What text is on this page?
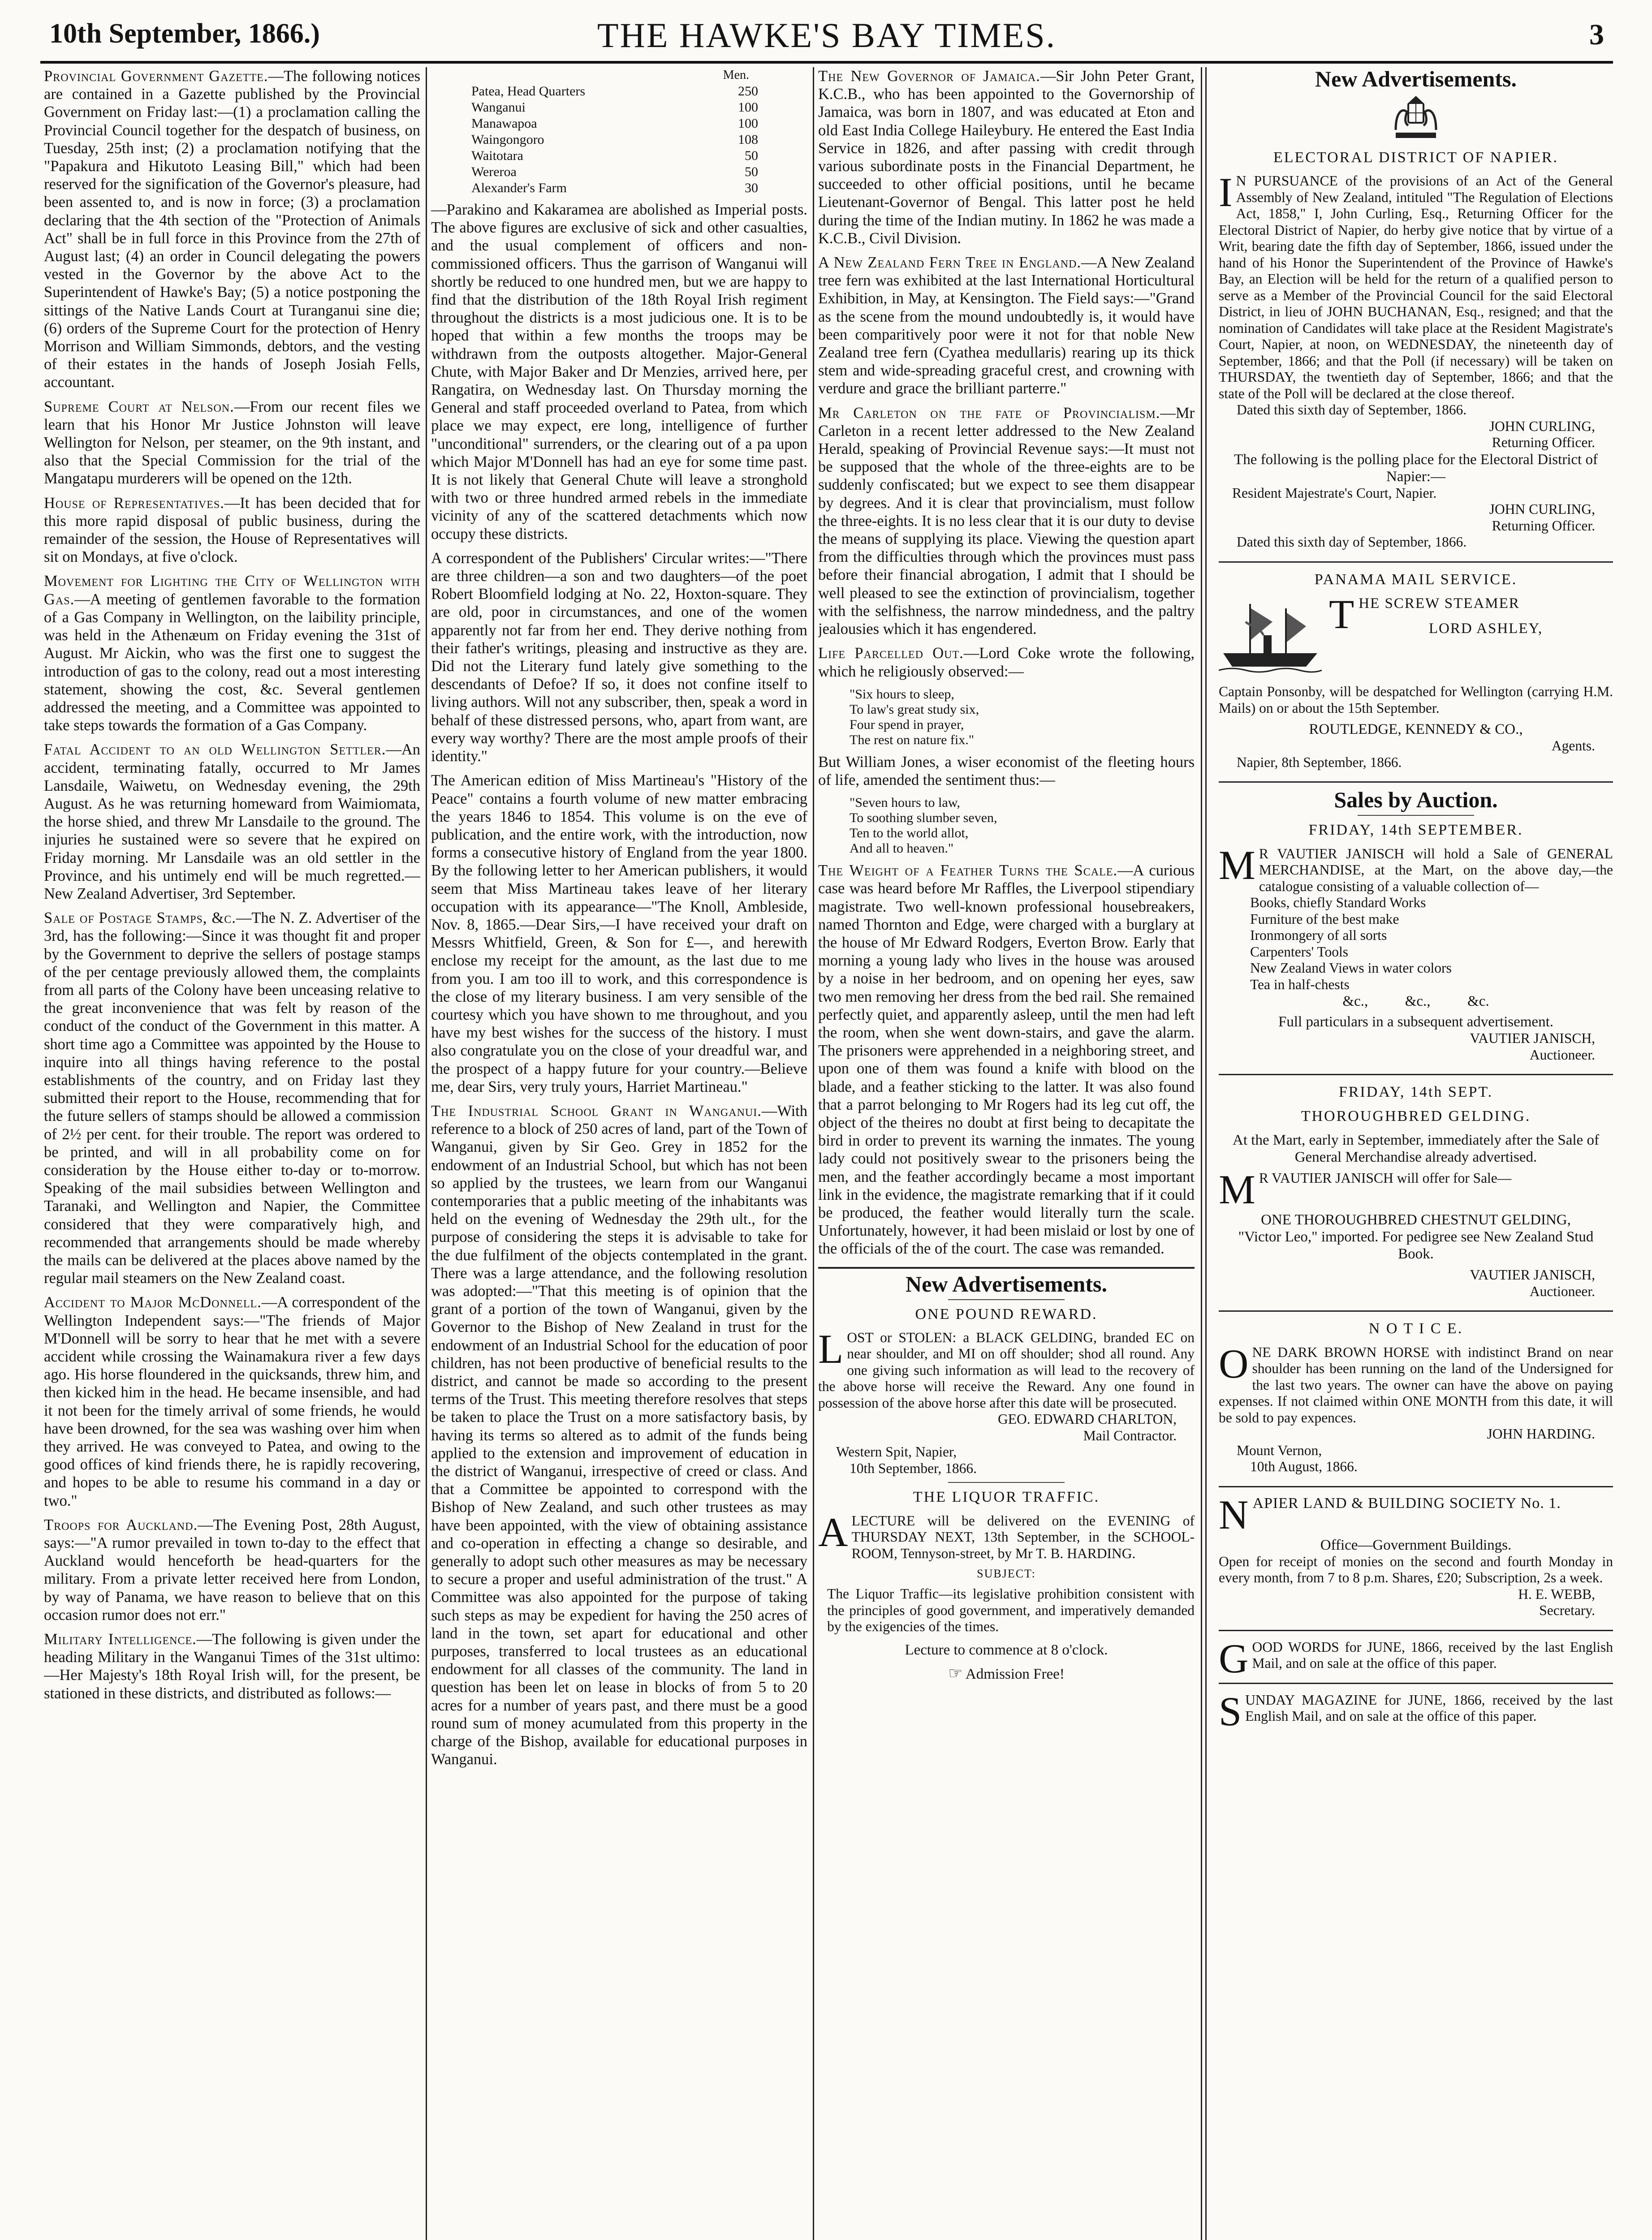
10th September, 1866.)	THE HAWKE'S BAY TIMES.	3

Provincial Government Gazette.—The following notices are contained in a Gazette published by the Provincial Government on Friday last:—(1) a proclamation calling the Provincial Council together for the despatch of business, on Tuesday, 25th inst; (2) a proclamation notifying that the "Papakura and Hikutoto Leasing Bill," which had been reserved for the signification of the Governor's pleasure, had been assented to, and is now in force; (3) a proclamation declaring that the 4th section of the "Protection of Animals Act" shall be in full force in this Province from the 27th of August last; (4) an order in Council delegating the powers vested in the Governor by the above Act to the Superintendent of Hawke's Bay; (5) a notice postponing the sittings of the Native Lands Court at Turanganui sine die; (6) orders of the Supreme Court for the protection of Henry Morrison and William Simmonds, debtors, and the vesting of their estates in the hands of Joseph Josiah Fells, accountant.

Supreme Court at Nelson.—From our recent files we learn that his Honor Mr Justice Johnston will leave Wellington for Nelson, per steamer, on the 9th instant, and also that the Special Commission for the trial of the Mangatapu murderers will be opened on the 12th.

House of Representatives.—It has been decided that for this more rapid disposal of public business, during the remainder of the session, the House of Representatives will sit on Mondays, at five o'clock.

Movement for Lighting the City of Wellington with Gas.—A meeting of gentlemen favorable to the formation of a Gas Company in Wellington, on the laibility principle, was held in the Athenæum on Friday evening the 31st of August. Mr Aickin, who was the first one to suggest the introduction of gas to the colony, read out a most interesting statement, showing the cost, &c. Several gentlemen addressed the meeting, and a Committee was appointed to take steps towards the formation of a Gas Company.

Fatal Accident to an old Wellington Settler.—An accident, terminating fatally, occurred to Mr James Lansdaile, Waiwetu, on Wednesday evening, the 29th August. As he was returning homeward from Waimiomata, the horse shied, and threw Mr Lansdaile to the ground. The injuries he sustained were so severe that he expired on Friday morning. Mr Lansdaile was an old settler in the Province, and his untimely end will be much regretted.—New Zealand Advertiser, 3rd September.

Sale of Postage Stamps, &c.—The N. Z. Advertiser of the 3rd, has the following:—Since it was thought fit and proper by the Government to deprive the sellers of postage stamps of the per centage previously allowed them, the complaints from all parts of the Colony have been unceasing relative to the great inconvenience that was felt by reason of the conduct of the conduct of the Government in this matter. A short time ago a Committee was appointed by the House to inquire into all things having reference to the postal establishments of the country, and on Friday last they submitted their report to the House, recommending that for the future sellers of stamps should be allowed a commission of 2½ per cent. for their trouble. The report was ordered to be printed, and will in all probability come on for consideration by the House either to-day or to-morrow. Speaking of the mail subsidies between Wellington and Taranaki, and Wellington and Napier, the Committee considered that they were comparatively high, and recommended that arrangements should be made whereby the mails can be delivered at the places above named by the regular mail steamers on the New Zealand coast.

Accident to Major McDonnell.—A correspondent of the Wellington Independent says:—"The friends of Major M'Donnell will be sorry to hear that he met with a severe accident while crossing the Wainamakura river a few days ago. His horse floundered in the quicksands, threw him, and then kicked him in the head. He became insensible, and had it not been for the timely arrival of some friends, he would have been drowned, for the sea was washing over him when they arrived. He was conveyed to Patea, and owing to the good offices of kind friends there, he is rapidly recovering, and hopes to be able to resume his command in a day or two."

Troops for Auckland.—The Evening Post, 28th August, says:—"A rumor prevailed in town to-day to the effect that Auckland would henceforth be head-quarters for the military. From a private letter received here from London, by way of Panama, we have reason to believe that on this occasion rumor does not err."

Military Intelligence.—The following is given under the heading Military in the Wanganui Times of the 31st ultimo:—Her Majesty's 18th Royal Irish will, for the present, be stationed in these districts, and distributed as follows:—

Men.
Patea, Head Quarters	250
Wanganui	100
Manawapoa	100
Waingongoro	108
Waitotara	50
Wereroa	50
Alexander's Farm	30

—Parakino and Kakaramea are abolished as Imperial posts. The above figures are exclusive of sick and other casualties, and the usual complement of officers and non-commissioned officers. Thus the garrison of Wanganui will shortly be reduced to one hundred men, but we are happy to find that the distribution of the 18th Royal Irish regiment throughout the districts is a most judicious one. It is to be hoped that within a few months the troops may be withdrawn from the outposts altogether. Major-General Chute, with Major Baker and Dr Menzies, arrived here, per Rangatira, on Wednesday last. On Thursday morning the General and staff proceeded overland to Patea, from which place we may expect, ere long, intelligence of further "unconditional" surrenders, or the clearing out of a pa upon which Major M'Donnell has had an eye for some time past. It is not likely that General Chute will leave a stronghold with two or three hundred armed rebels in the immediate vicinity of any of the scattered detachments which now occupy these districts.

A correspondent of the Publishers' Circular writes:—"There are three children—a son and two daughters—of the poet Robert Bloomfield lodging at No. 22, Hoxton-square. They are old, poor in circumstances, and one of the women apparently not far from her end. They derive nothing from their father's writings, pleasing and instructive as they are. Did not the Literary fund lately give something to the descendants of Defoe? If so, it does not confine itself to living authors. Will not any subscriber, then, speak a word in behalf of these distressed persons, who, apart from want, are every way worthy? There are the most ample proofs of their identity."

The American edition of Miss Martineau's "History of the Peace" contains a fourth volume of new matter embracing the years 1846 to 1854. This volume is on the eve of publication, and the entire work, with the introduction, now forms a consecutive history of England from the year 1800. By the following letter to her American publishers, it would seem that Miss Martineau takes leave of her literary occupation with its appearance—"The Knoll, Ambleside, Nov. 8, 1865.—Dear Sirs,—I have received your draft on Messrs Whitfield, Green, & Son for £—, and herewith enclose my receipt for the amount, as the last due to me from you. I am too ill to work, and this correspondence is the close of my literary business. I am very sensible of the courtesy which you have shown to me throughout, and you have my best wishes for the success of the history. I must also congratulate you on the close of your dreadful war, and the prospect of a happy future for your country.—Believe me, dear Sirs, very truly yours, Harriet Martineau."

The Industrial School Grant in Wanganui.—With reference to a block of 250 acres of land, part of the Town of Wanganui, given by Sir Geo. Grey in 1852 for the endowment of an Industrial School, but which has not been so applied by the trustees, we learn from our Wanganui contemporaries that a public meeting of the inhabitants was held on the evening of Wednesday the 29th ult., for the purpose of considering the steps it is advisable to take for the due fulfilment of the objects contemplated in the grant. There was a large attendance, and the following resolution was adopted:—"That this meeting is of opinion that the grant of a portion of the town of Wanganui, given by the Governor to the Bishop of New Zealand in trust for the endowment of an Industrial School for the education of poor children, has not been productive of beneficial results to the district, and cannot be made so according to the present terms of the Trust. This meeting therefore resolves that steps be taken to place the Trust on a more satisfactory basis, by having its terms so altered as to admit of the funds being applied to the extension and improvement of education in the district of Wanganui, irrespective of creed or class. And that a Committee be appointed to correspond with the Bishop of New Zealand, and such other trustees as may have been appointed, with the view of obtaining assistance and co-operation in effecting a change so desirable, and generally to adopt such other measures as may be necessary to secure a proper and useful administration of the trust." A Committee was also appointed for the purpose of taking such steps as may be expedient for having the 250 acres of land in the town, set apart for educational and other purposes, transferred to local trustees as an educational endowment for all classes of the community. The land in question has been let on lease in blocks of from 5 to 20 acres for a number of years past, and there must be a good round sum of money acumulated from this property in the charge of the Bishop, available for educational purposes in Wanganui.

The New Governor of Jamaica.—Sir John Peter Grant, K.C.B., who has been appointed to the Governorship of Jamaica, was born in 1807, and was educated at Eton and old East India College Haileybury. He entered the East India Service in 1826, and after passing with credit through various subordinate posts in the Financial Department, he succeeded to other official positions, until he became Lieutenant-Governor of Bengal. This latter post he held during the time of the Indian mutiny. In 1862 he was made a K.C.B., Civil Division.

A New Zealand Fern Tree in England.—A New Zealand tree fern was exhibited at the last International Horticultural Exhibition, in May, at Kensington. The Field says:—"Grand as the scene from the mound undoubtedly is, it would have been comparitively poor were it not for that noble New Zealand tree fern (Cyathea medullaris) rearing up its thick stem and wide-spreading graceful crest, and crowning with verdure and grace the brilliant parterre."

Mr Carleton on the fate of Provincialism.—Mr Carleton in a recent letter addressed to the New Zealand Herald, speaking of Provincial Revenue says:—It must not be supposed that the whole of the three-eights are to be suddenly confiscated; but we expect to see them disappear by degrees. And it is clear that provincialism, must follow the three-eights. It is no less clear that it is our duty to devise the means of supplying its place. Viewing the question apart from the difficulties through which the provinces must pass before their financial abrogation, I admit that I should be well pleased to see the extinction of provincialism, together with the selfishness, the narrow mindedness, and the paltry jealousies which it has engendered.

Life Parcelled Out.—Lord Coke wrote the following, which he religiously observed:—

"Six hours to sleep,
To law's great study six,
Four spend in prayer,
The rest on nature fix."

But William Jones, a wiser economist of the fleeting hours of life, amended the sentiment thus:—

"Seven hours to law,
To soothing slumber seven,
Ten to the world allot,
And all to heaven."

The Weight of a Feather Turns the Scale.—A curious case was heard before Mr Raffles, the Liverpool stipendiary magistrate. Two well-known professional housebreakers, named Thornton and Edge, were charged with a burglary at the house of Mr Edward Rodgers, Everton Brow. Early that morning a young lady who lives in the house was aroused by a noise in her bedroom, and on opening her eyes, saw two men removing her dress from the bed rail. She remained perfectly quiet, and apparently asleep, until the men had left the room, when she went down-stairs, and gave the alarm. The prisoners were apprehended in a neighboring street, and upon one of them was found a knife with blood on the blade, and a feather sticking to the latter. It was also found that a parrot belonging to Mr Rogers had its leg cut off, the object of the theires no doubt at first being to decapitate the bird in order to prevent its warning the inmates. The young lady could not positively swear to the prisoners being the men, and the feather accordingly became a most important link in the evidence, the magistrate remarking that if it could be produced, the feather would literally turn the scale. Unfortunately, however, it had been mislaid or lost by one of the officials of the of the court. The case was remanded.

New Advertisements.
ONE POUND REWARD.
L OST or STOLEN: a BLACK GELDING, branded EC on near shoulder, and MI on off shoulder; shod all round. Any one giving such information as will lead to the recovery of the above horse will receive the Reward. Any one found in possession of the above horse after this date will be prosecuted.
GEO. EDWARD CHARLTON,
Mail Contractor.
Western Spit, Napier,
10th September, 1866.
THE LIQUOR TRAFFIC.
A LECTURE will be delivered on the EVENING of THURSDAY NEXT, 13th September, in the SCHOOL-ROOM, Tennyson-street, by Mr T. B. HARDING.
SUBJECT:
The Liquor Traffic—its legislative prohibition consistent with the principles of good government, and imperatively demanded by the exigencies of the times.
Lecture to commence at 8 o'clock.
☞ Admission Free!
New Advertisements.
ELECTORAL DISTRICT OF NAPIER.
I N PURSUANCE of the provisions of an Act of the General Assembly of New Zealand, intituled "The Regulation of Elections Act, 1858," I, John Curling, Esq., Returning Officer for the Electoral District of Napier, do herby give notice that by virtue of a Writ, bearing date the fifth day of September, 1866, issued under the hand of his Honor the Superintendent of the Province of Hawke's Bay, an Election will be held for the return of a qualified person to serve as a Member of the Provincial Council for the said Electoral District, in lieu of JOHN BUCHANAN, Esq., resigned; and that the nomination of Candidates will take place at the Resident Magistrate's Court, Napier, at noon, on WEDNESDAY, the nineteenth day of September, 1866; and that the Poll (if necessary) will be taken on THURSDAY, the twentieth day of September, 1866; and that the state of the Poll will be declared at the close thereof.
Dated this sixth day of September, 1866.
JOHN CURLING,
Returning Officer.
The following is the polling place for the Electoral District of Napier:—
Resident Majestrate's Court, Napier.
JOHN CURLING,
Returning Officer.
Dated this sixth day of September, 1866.
PANAMA MAIL SERVICE.
THE SCREW STEAMER
LORD ASHLEY,
Captain Ponsonby, will be despatched for Wellington (carrying H.M. Mails) on or about the 15th September.
ROUTLEDGE, KENNEDY & CO.,
Agents.
Napier, 8th September, 1866.
Sales by Auction.
FRIDAY, 14th SEPTEMBER.
M R VAUTIER JANISCH will hold a Sale of GENERAL MERCHANDISE, at the Mart, on the above day,—the catalogue consisting of a valuable collection of—
Books, chiefly Standard Works
Furniture of the best make
Ironmongery of all sorts
Carpenters' Tools
New Zealand Views in water colors
Tea in half-chests
&c.,          &c.,          &c.
Full particulars in a subsequent advertisement.
VAUTIER JANISCH,
Auctioneer.
FRIDAY, 14th SEPT.
THOROUGHBRED GELDING.
At the Mart, early in September, immediately after the Sale of General Merchandise already advertised.
M R VAUTIER JANISCH will offer for Sale—
ONE THOROUGHBRED CHESTNUT GELDING,
"Victor Leo," imported. For pedigree see New Zealand Stud Book.
VAUTIER JANISCH,
Auctioneer.
N O T I C E.
O NE DARK BROWN HORSE with indistinct Brand on near shoulder has been running on the land of the Undersigned for the last two years. The owner can have the above on paying expenses. If not claimed within ONE MONTH from this date, it will be sold to pay expences.
JOHN HARDING.
Mount Vernon,
10th August, 1866.
N APIER LAND & BUILDING SOCIETY No. 1.
Office—Government Buildings.
Open for receipt of monies on the second and fourth Monday in every month, from 7 to 8 p.m. Shares, £20; Subscription, 2s a week.
H. E. WEBB,
Secretary.
G OOD WORDS for JUNE, 1866, received by the last English Mail, and on sale at the office of this paper.
S UNDAY MAGAZINE for JUNE, 1866, received by the last English Mail, and on sale at the office of this paper.
